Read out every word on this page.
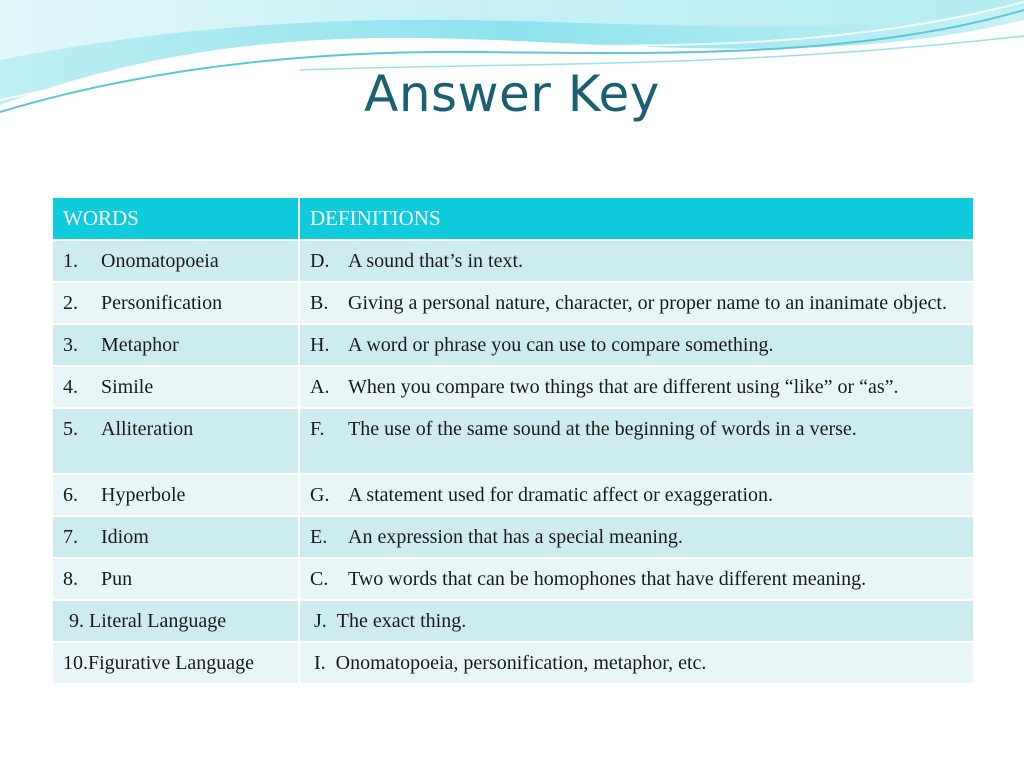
Answer Key
WORDS	DEFINITIONS

1. Onomatopoeia	D. A sound that’s in text.

2. Personification	B. Giving a personal nature, character, or proper name to an inanimate object.

3. Metaphor	H. A word or phrase you can use to compare something.

4. Simile	A. When you compare two things that are different using “like” or “as”.

5. Alliteration	F. The use of the same sound at the beginning of words in a verse.

6. Hyperbole	G. A statement used for dramatic affect or exaggeration.

7. Idiom	E. An expression that has a special meaning.

8. Pun	C. Two words that can be homophones that have different meaning.

9. Literal Language	J. The exact thing.

10.Figurative Language	I. Onomatopoeia, personification, metaphor, etc.
